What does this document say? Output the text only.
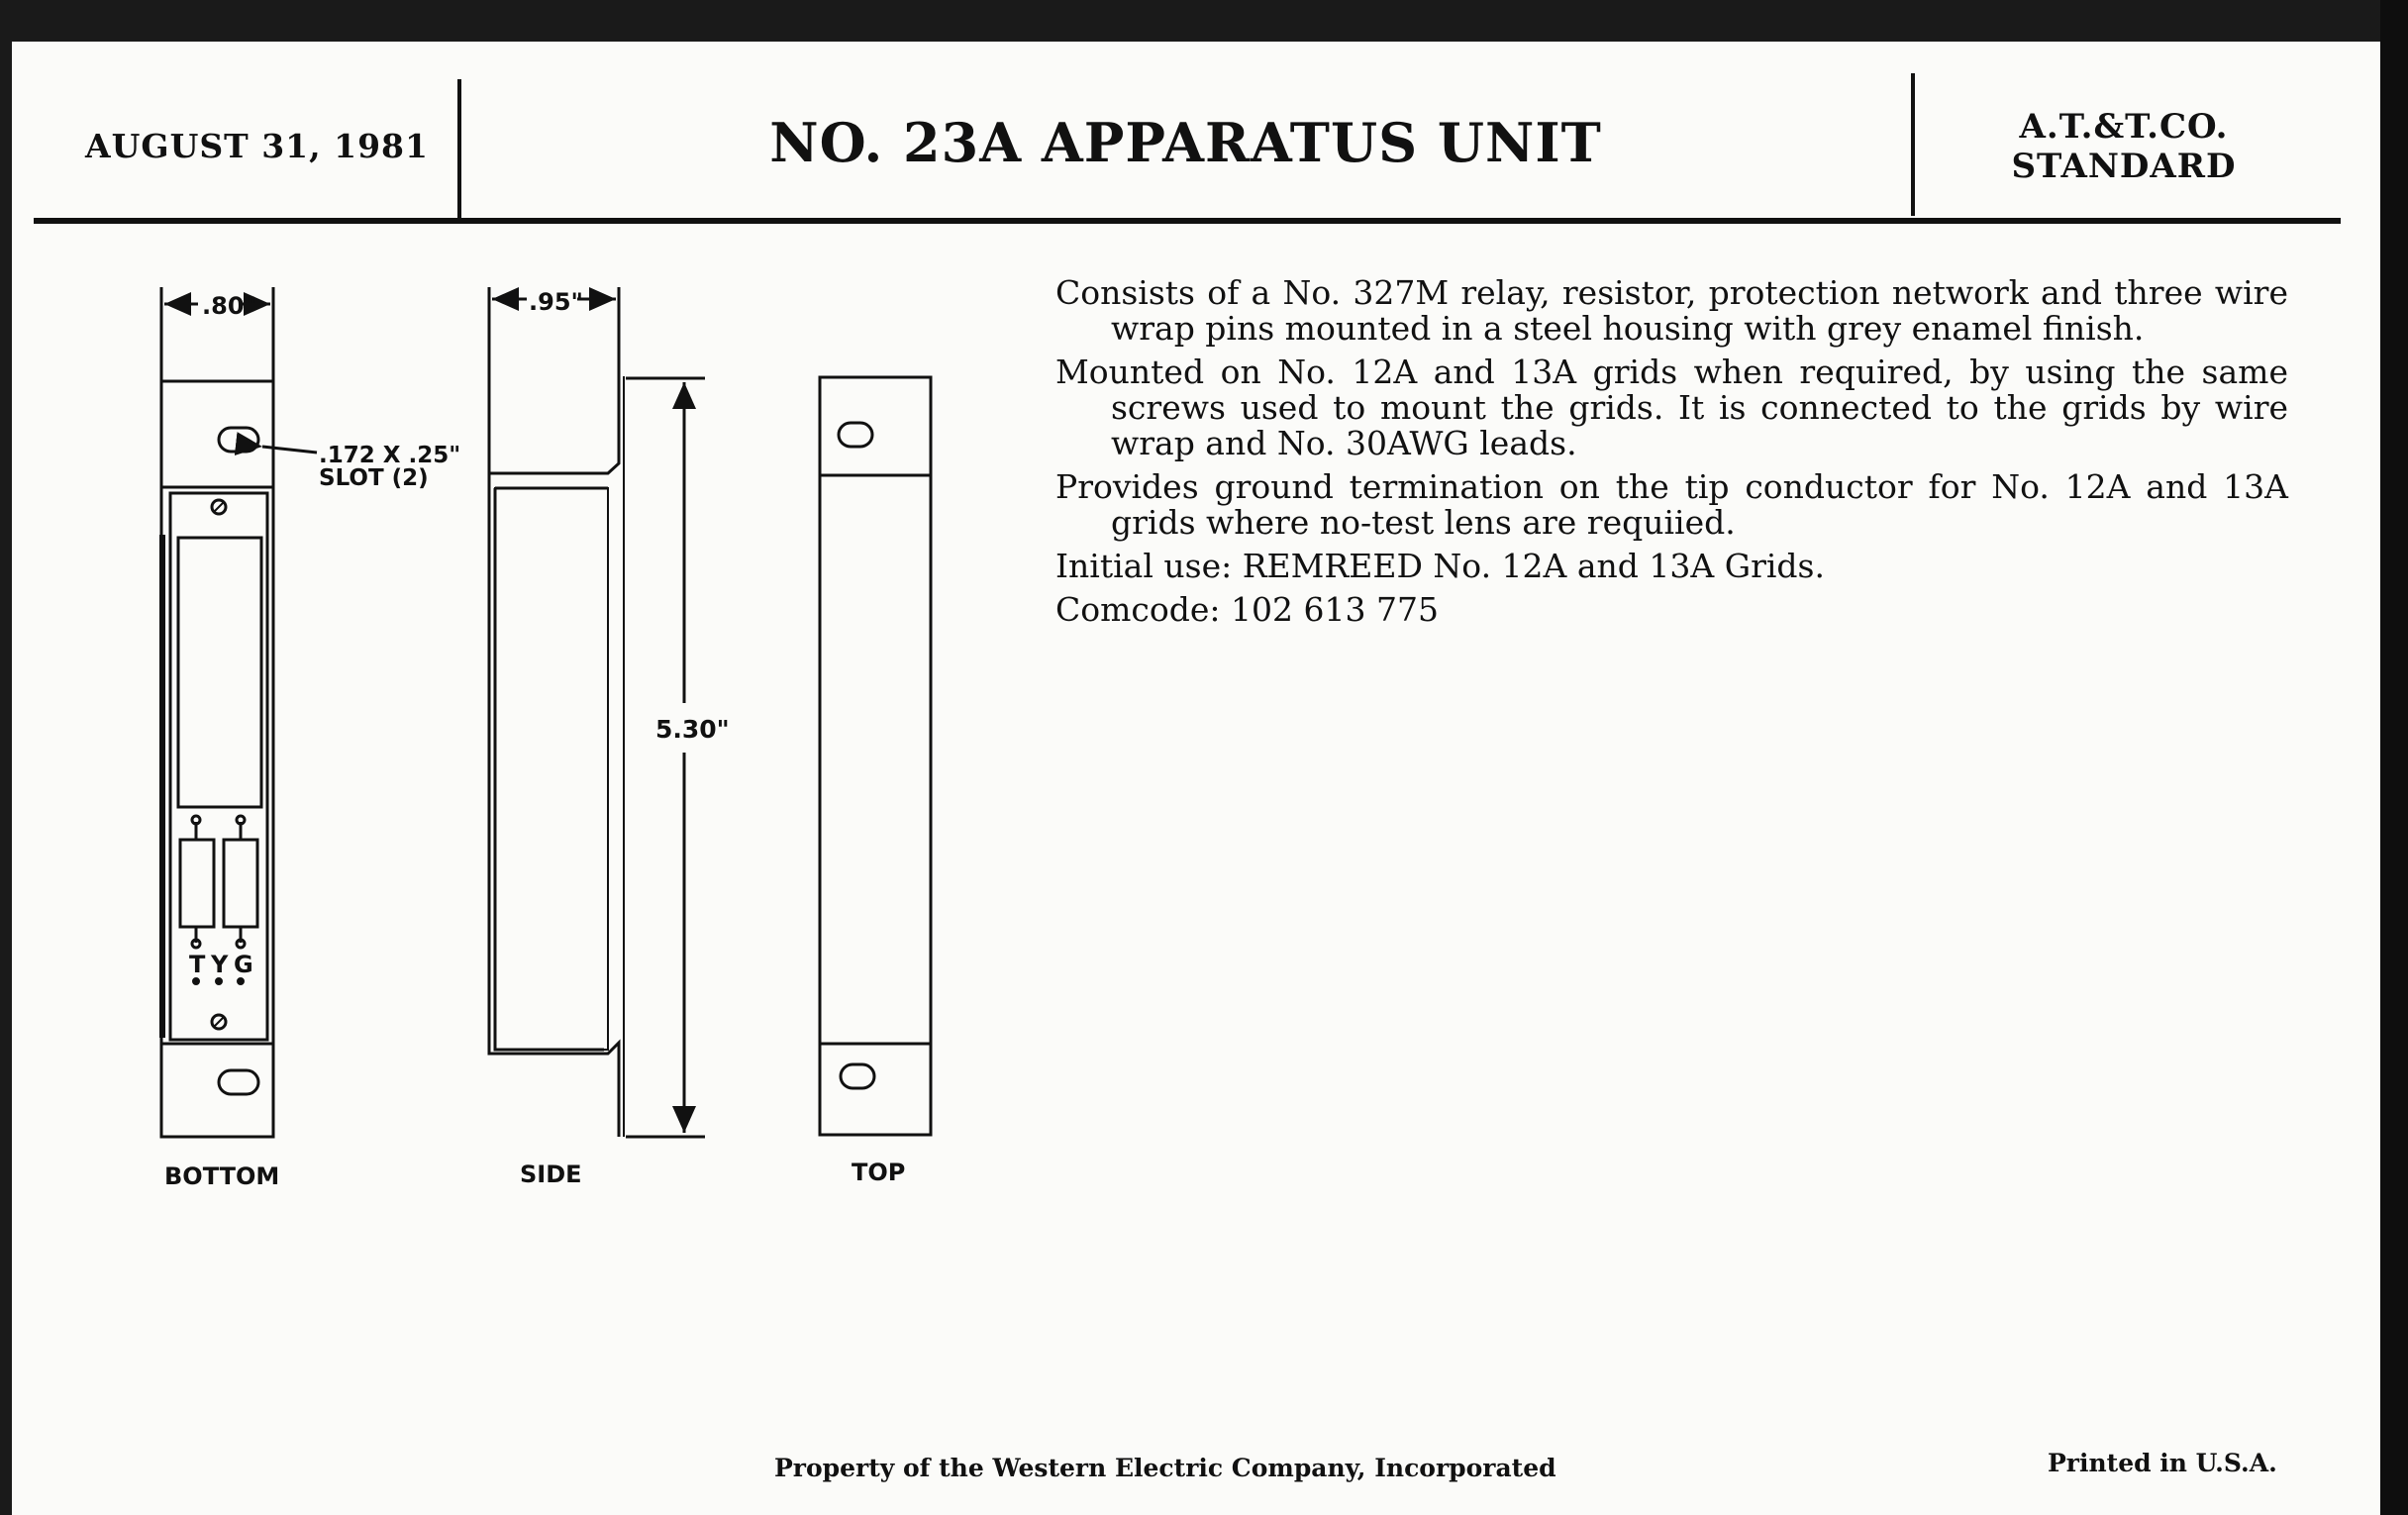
AUGUST 31, 1981	NO. 23A APPARATUS UNIT	A.T.&T.CO.
STANDARD
.80"
.172 X .25"
SLOT (2)
T Y G
BOTTOM
.95"
5.30"
SIDE	TOP

Consists of a No. 327M relay, resistor, protection network and three wire wrap pins mounted in a steel housing with grey enamel finish.

Mounted on No. 12A and 13A grids when required, by using the same screws used to mount the grids. It is connected to the grids by wire wrap and No. 30AWG leads.

Provides ground termination on the tip conductor for No. 12A and 13A grids where no-test lens are requiied.

Initial use: REMREED No. 12A and 13A Grids.

Comcode: 102 613 775

Property of the Western Electric Company, Incorporated	Printed in U.S.A.
